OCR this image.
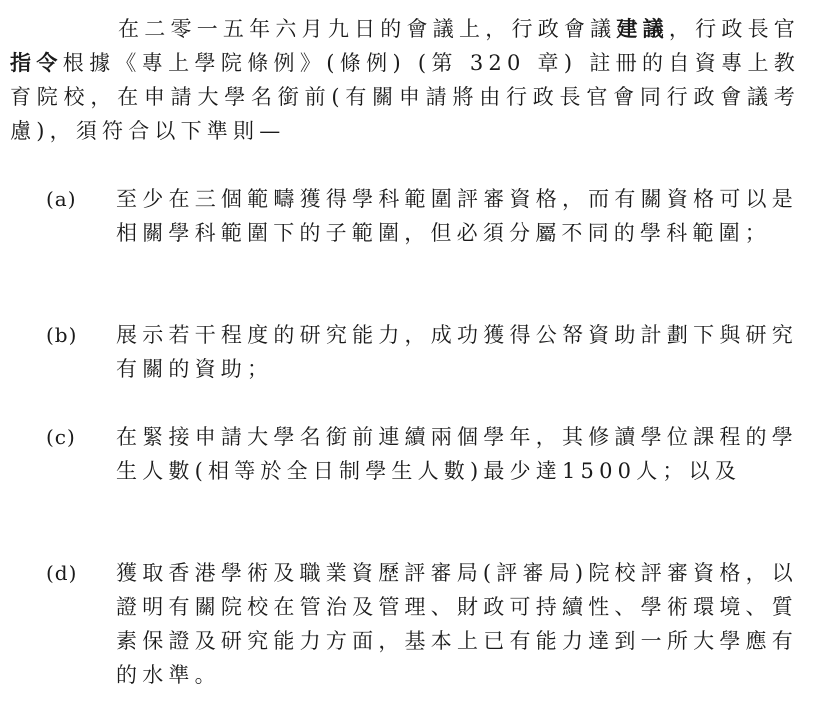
在二零一五年六月九日的會議上，行政會議建議，行政長官指令根據《專上學院條例》(條例) (第 320 章) 註冊的自資專上教育院校，在申請大學名銜前(有關申請將由行政長官會同行政會議考慮)，須符合以下準則—

(a) 至少在三個範疇獲得學科範圍評審資格，而有關資格可以是相關學科範圍下的子範圍，但必須分屬不同的學科範圍；

(b) 展示若干程度的研究能力，成功獲得公帑資助計劃下與研究有關的資助；

(c) 在緊接申請大學名銜前連續兩個學年，其修讀學位課程的學生人數(相等於全日制學生人數)最少達1500人；以及

(d) 獲取香港學術及職業資歷評審局(評審局)院校評審資格，以證明有關院校在管治及管理、財政可持續性、學術環境、質素保證及研究能力方面，基本上已有能力達到一所大學應有的水準。
